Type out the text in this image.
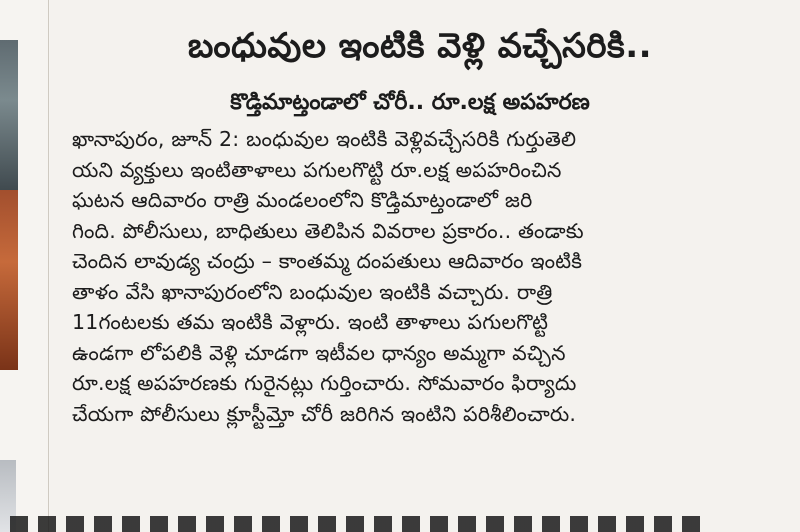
బంధువుల ఇంటికి వెళ్లి వచ్చేసరికి..
కొడ్తిమాట్తండాలో చోరీ.. రూ.లక్ష అపహరణ
ఖానాపురం, జూన్ 2: బంధువుల ఇంటికి వెళ్లివచ్చేసరికి గుర్తుతెలి
యని వ్యక్తులు ఇంటితాళాలు పగులగొట్టి రూ.లక్ష అపహరించిన
ఘటన ఆదివారం రాత్రి మండలంలోని కొడ్తిమాట్తండాలో జరి
గింది. పోలీసులు, బాధితులు తెలిపిన వివరాల ప్రకారం.. తండాకు
చెందిన లావుడ్య చంద్రు – కాంతమ్మ దంపతులు ఆదివారం ఇంటికి
తాళం వేసి ఖానాపురంలోని బంధువుల ఇంటికి వచ్చారు. రాత్రి
11గంటలకు తమ ఇంటికి వెళ్లారు. ఇంటి తాళాలు పగులగొట్టి
ఉండగా లోపలికి వెళ్లి చూడగా ఇటీవల ధాన్యం అమ్మగా వచ్చిన
రూ.లక్ష అపహరణకు గురైనట్లు గుర్తించారు. సోమవారం ఫిర్యాదు
చేయగా పోలీసులు క్లూస్టీమ్తో చోరీ జరిగిన ఇంటిని పరిశీలించారు.
